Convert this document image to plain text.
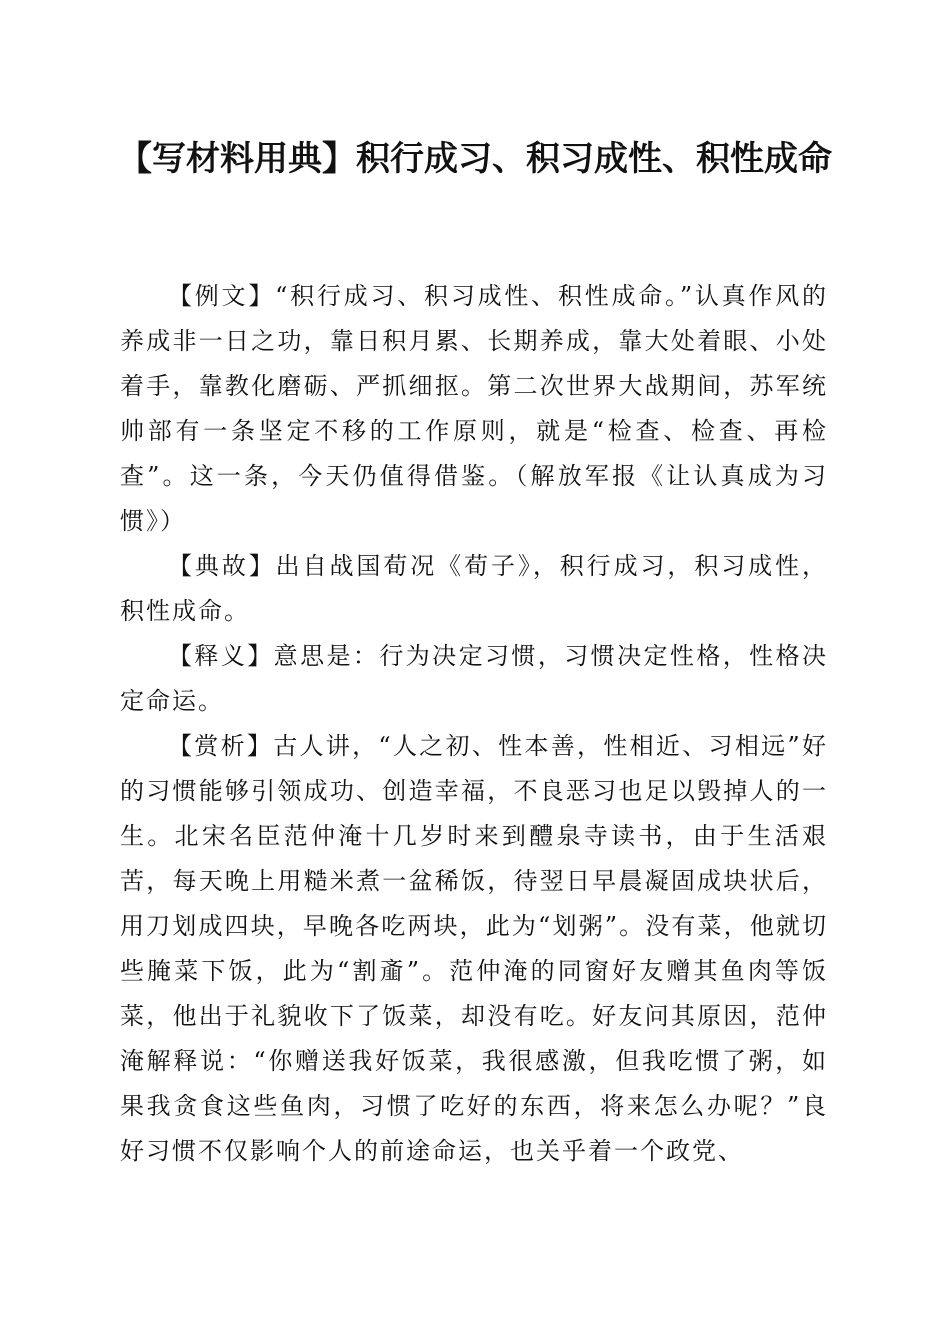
【写材料用典】积行成习、积习成性、积性成命

【例文】“积行成习、积习成性、积性成命。”认真作风的养成非一日之功，靠日积月累、长期养成，靠大处着眼、小处着手，靠教化磨砺、严抓细抠。第二次世界大战期间，苏军统帅部有一条坚定不移的工作原则，就是“检查、检查、再检查”。这一条，今天仍值得借鉴。（解放军报《让认真成为习惯》）

【典故】出自战国荀况《荀子》，积行成习，积习成性，积性成命。

【释义】意思是：行为决定习惯，习惯决定性格，性格决定命运。

【赏析】古人讲，“人之初、性本善，性相近、习相远”好的习惯能够引领成功、创造幸福，不良恶习也足以毁掉人的一生。北宋名臣范仲淹十几岁时来到醴泉寺读书，由于生活艰苦，每天晚上用糙米煮一盆稀饭，待翌日早晨凝固成块状后，用刀划成四块，早晚各吃两块，此为“划粥”。没有菜，他就切些腌菜下饭，此为“割齑”。范仲淹的同窗好友赠其鱼肉等饭菜，他出于礼貌收下了饭菜，却没有吃。好友问其原因，范仲淹解释说：“你赠送我好饭菜，我很感激，但我吃惯了粥，如果我贪食这些鱼肉，习惯了吃好的东西，将来怎么办呢？”良好习惯不仅影响个人的前途命运，也关乎着一个政党、
